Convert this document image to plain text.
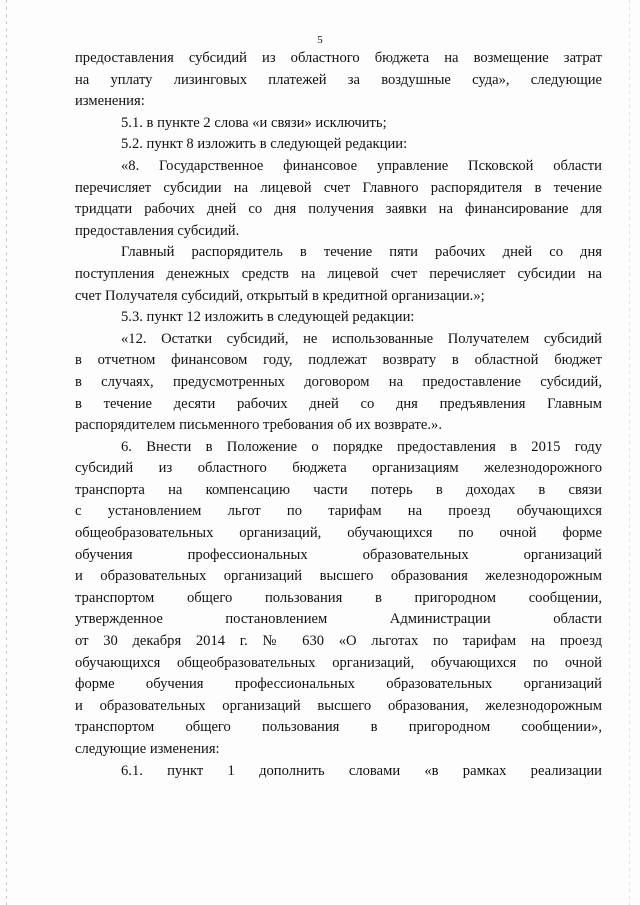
5
предоставления субсидий из областного бюджета на возмещение затрат
на уплату лизинговых платежей за воздушные суда», следующие
изменения:
5.1. в пункте 2 слова «и связи» исключить;
5.2. пункт 8 изложить в следующей редакции:
«8. Государственное финансовое управление Псковской области
перечисляет субсидии на лицевой счет Главного распорядителя в течение
тридцати рабочих дней со дня получения заявки на финансирование для
предоставления субсидий.
Главный распорядитель в течение пяти рабочих дней со дня
поступления денежных средств на лицевой счет перечисляет субсидии на
счет Получателя субсидий, открытый в кредитной организации.»;
5.3. пункт 12 изложить в следующей редакции:
«12. Остатки субсидий, не использованные Получателем субсидий
в отчетном финансовом году, подлежат возврату в областной бюджет
в случаях, предусмотренных договором на предоставление субсидий,
в течение десяти рабочих дней со дня предъявления Главным
распорядителем письменного требования об их возврате.».
6. Внести в Положение о порядке предоставления в 2015 году
субсидий из областного бюджета организациям железнодорожного
транспорта на компенсацию части потерь в доходах в связи
с установлением льгот по тарифам на проезд обучающихся
общеобразовательных организаций, обучающихся по очной форме
обучения профессиональных образовательных организаций
и образовательных организаций высшего образования железнодорожным
транспортом общего пользования в пригородном сообщении,
утвержденное постановлением Администрации области
от 30 декабря 2014 г. № 630 «О льготах по тарифам на проезд
обучающихся общеобразовательных организаций, обучающихся по очной
форме обучения профессиональных образовательных организаций
и образовательных организаций высшего образования, железнодорожным
транспортом общего пользования в пригородном сообщении»,
следующие изменения:
6.1. пункт 1 дополнить словами «в рамках реализации
